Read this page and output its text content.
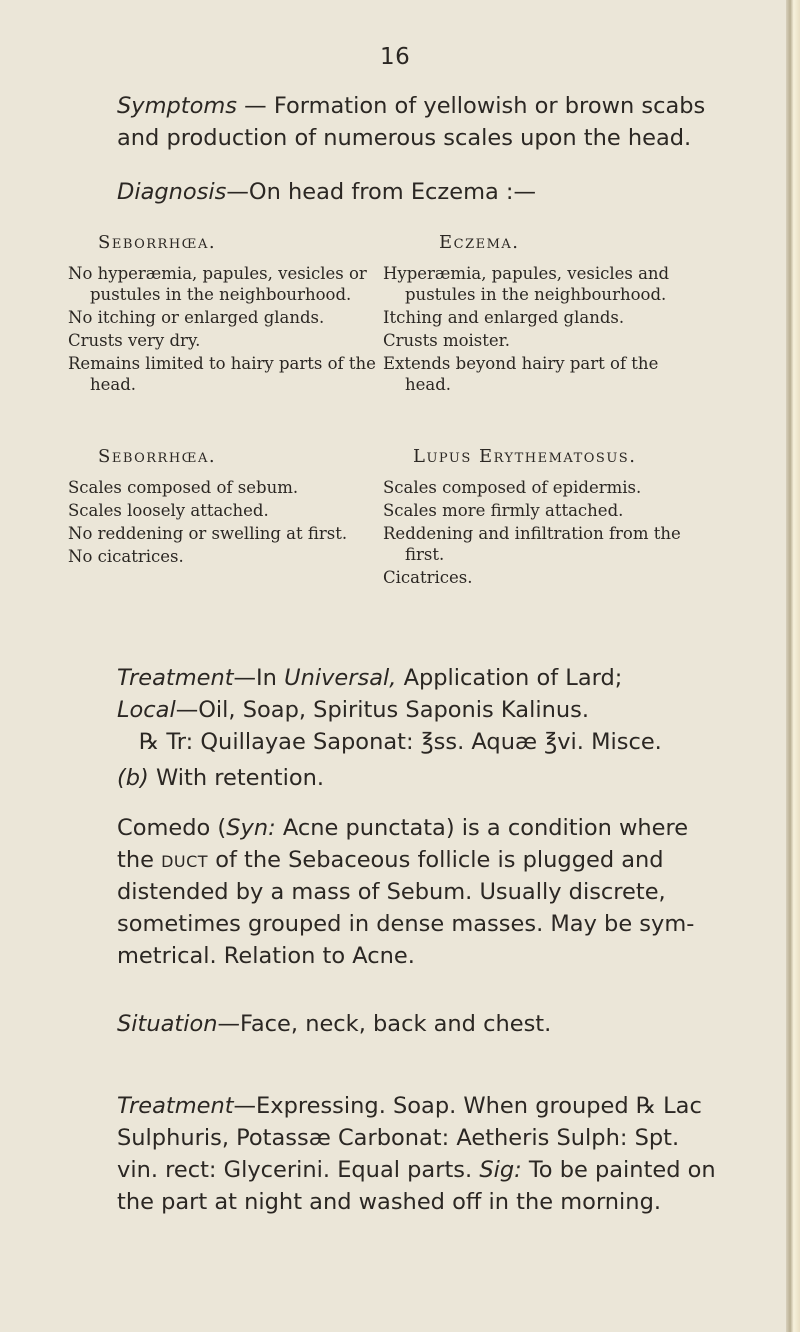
16
Symptoms — Formation of yellowish or brown scabs and production of numerous scales upon the head.
Diagnosis—On head from Eczema :—
Seborrhœa.
No hyperæmia, papules, vesicles or pustules in the neighbourhood.
No itching or enlarged glands.
Crusts very dry.
Remains limited to hairy parts of the head.
Eczema.
Hyperæmia, papules, vesicles and pustules in the neighbourhood.
Itching and enlarged glands.
Crusts moister.
Extends beyond hairy part of the head.
Seborrhœa.
Scales composed of sebum.
Scales loosely attached.
No reddening or swelling at first.
No cicatrices.
Lupus Erythematosus.
Scales composed of epidermis.
Scales more firmly attached.
Reddening and infiltration from the first.
Cicatrices.
Treatment—In Universal, Application of Lard;
Local—Oil, Soap, Spiritus Saponis Kalinus.
℞ Tr: Quillayae Saponat: ℥ss. Aquæ ℥vi. Misce.
(b) With retention.
Comedo (Syn: Acne punctata) is a condition where the duct of the Sebaceous follicle is plugged and distended by a mass of Sebum. Usually discrete, sometimes grouped in dense masses. May be sym- metrical. Relation to Acne.
Situation—Face, neck, back and chest.
Treatment—Expressing. Soap. When grouped ℞ Lac Sulphuris, Potassæ Carbonat: Aetheris Sulph: Spt. vin. rect: Glycerini. Equal parts. Sig: To be painted on the part at night and washed off in the morning.
